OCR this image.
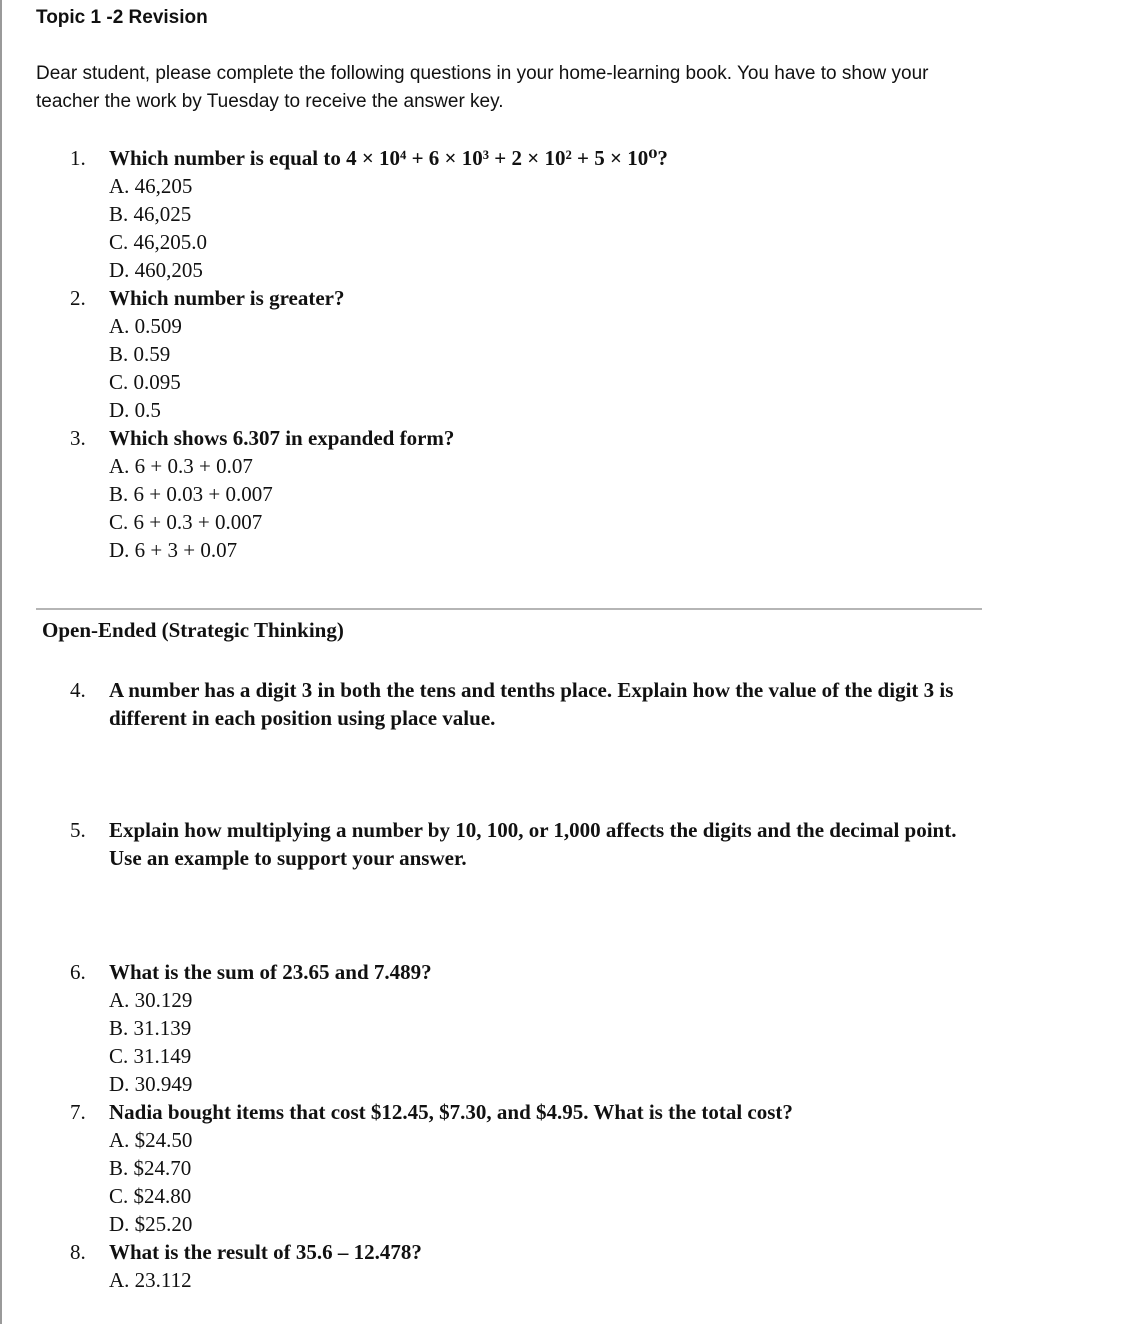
Topic 1 -2 Revision

Dear student, please complete the following questions in your home-learning book. You have to show your teacher the work by Tuesday to receive the answer key.

1.	Which number is equal to 4 × 10⁴ + 6 × 10³ + 2 × 10² + 5 × 10⁰?
A. 46,205
B. 46,025
C. 46,205.0
D. 460,205
2.	Which number is greater?
A. 0.509
B. 0.59
C. 0.095
D. 0.5
3.	Which shows 6.307 in expanded form?
A. 6 + 0.3 + 0.07
B. 6 + 0.03 + 0.007
C. 6 + 0.3 + 0.007
D. 6 + 3 + 0.07
Open-Ended (Strategic Thinking)
4.	A number has a digit 3 in both the tens and tenths place. Explain how the value of the digit 3 is different in each position using place value.
5.	Explain how multiplying a number by 10, 100, or 1,000 affects the digits and the decimal point. Use an example to support your answer.
6.	What is the sum of 23.65 and 7.489?
A. 30.129
B. 31.139
C. 31.149
D. 30.949
7.	Nadia bought items that cost $12.45, $7.30, and $4.95. What is the total cost?
A. $24.50
B. $24.70
C. $24.80
D. $25.20
8.	What is the result of 35.6 – 12.478?
A. 23.112
